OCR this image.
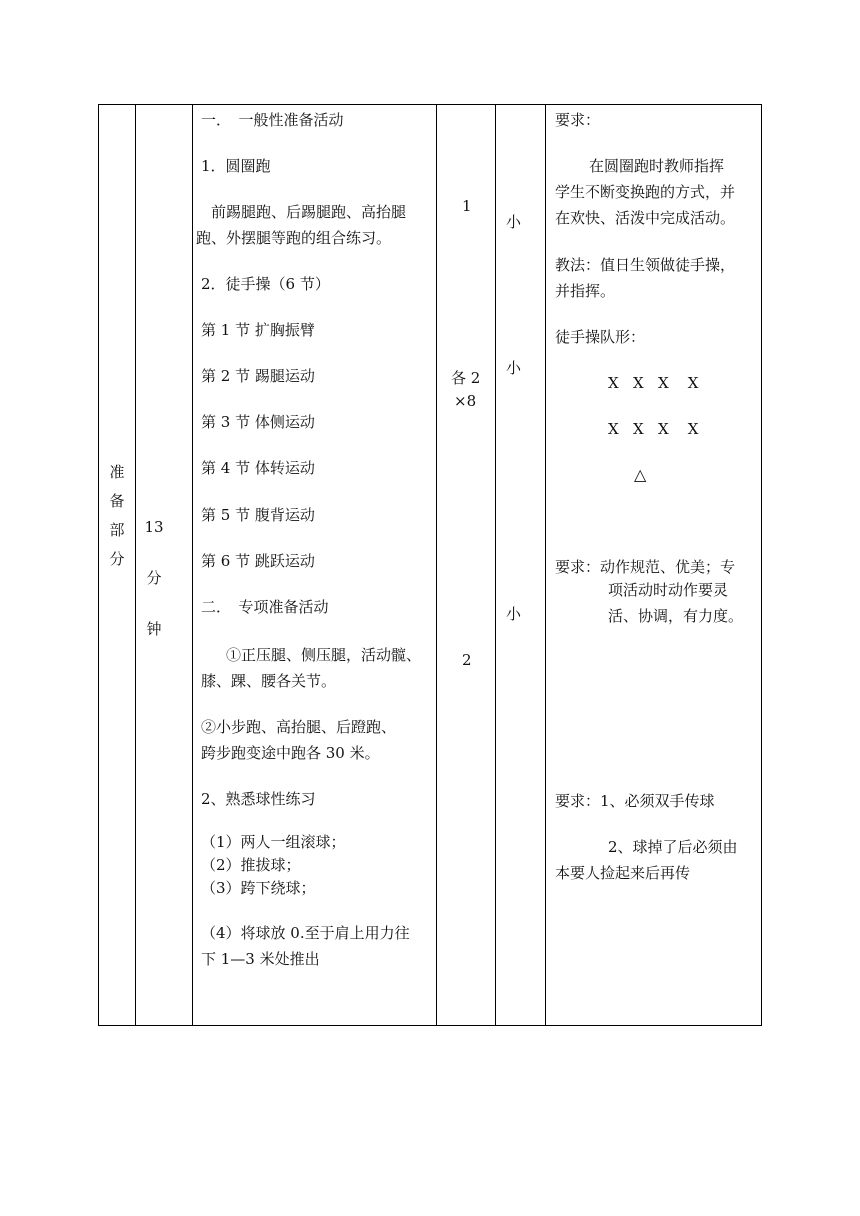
准
备
部
分
13
分
钟
一．　一般性准备活动
1．圆圈跑
前踢腿跑、后踢腿跑、高抬腿
跑、外摆腿等跑的组合练习。
2．徒手操（6 节）
第 1 节 扩胸振臂
第 2 节 踢腿运动
第 3 节 体侧运动
第 4 节 体转运动
第 5 节 腹背运动
第 6 节 跳跃运动
二．　专项准备活动
①正压腿、侧压腿，活动髋、
膝、踝、腰各关节。
②小步跑、高抬腿、后蹬跑、
跨步跑变途中跑各 30 米。
2、熟悉球性练习
（1）两人一组滚球；
（2）推拔球；
（3）跨下绕球；
（4）将球放 0.至于肩上用力往
下 1—3 米处推出
1
各 2
×8
2
小
小
小
要求：
在圆圈跑时教师指挥
学生不断变换跑的方式，并
在欢快、活泼中完成活动。
教法：值日生领做徒手操，
并指挥。
徒手操队形：
X   X   X    X
X   X   X    X
△
要求：动作规范、优美；专
项活动时动作要灵
活、协调，有力度。
要求：1、必须双手传球
2、球掉了后必须由
本要人捡起来后再传
